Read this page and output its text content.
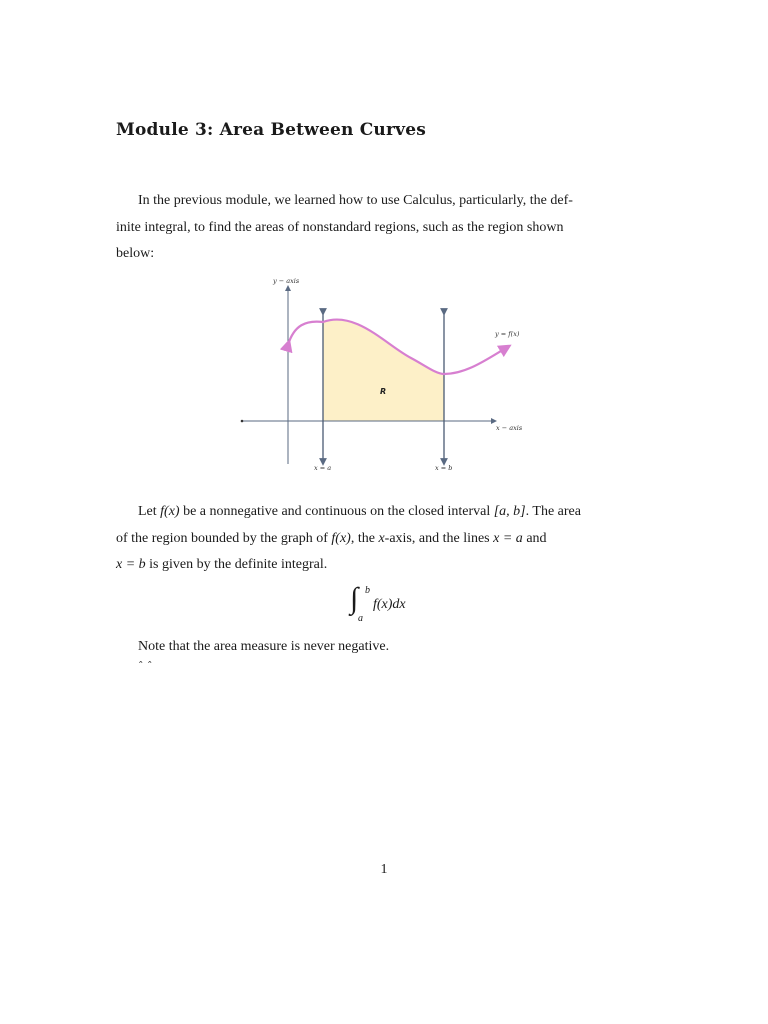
Module 3: Area Between Curves
In the previous module, we learned how to use Calculus, particularly, the def-
inite integral, to find the areas of nonstandard regions, such as the region shown
below:
y − axis
x − axis
y = f(x)
R
x = a	x = b
Let f(x) be a nonnegative and continuous on the closed interval [a, b]. The area
of the region bounded by the graph of f(x), the x-axis, and the lines x = a and
x = b is given by the definite integral.
∫ b
a
f(x)dx
Note that the area measure is never negative.
ˆ ˆ
1
